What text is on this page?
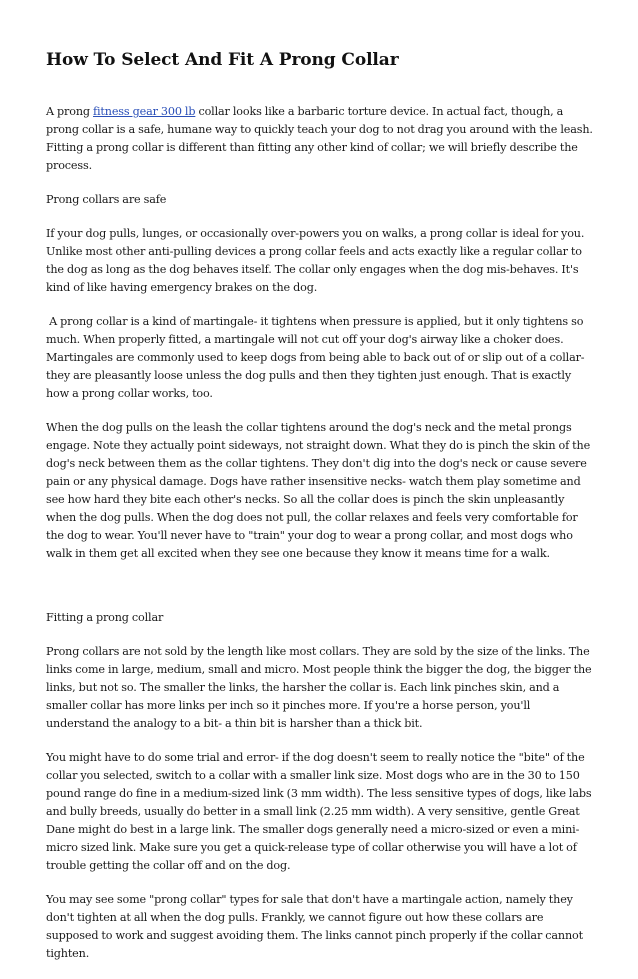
How To Select And Fit A Prong Collar

A prong fitness gear 300 lb collar looks like a barbaric torture device. In actual fact, though, a prong collar is a safe, humane way to quickly teach your dog to not drag you around with the leash. Fitting a prong collar is different than fitting any other kind of collar; we will briefly describe the process.

Prong collars are safe

If your dog pulls, lunges, or occasionally over-powers you on walks, a prong collar is ideal for you. Unlike most other anti-pulling devices a prong collar feels and acts exactly like a regular collar to the dog as long as the dog behaves itself. The collar only engages when the dog mis-behaves. It's kind of like having emergency brakes on the dog.

A prong collar is a kind of martingale- it tightens when pressure is applied, but it only tightens so much. When properly fitted, a martingale will not cut off your dog's airway like a choker does. Martingales are commonly used to keep dogs from being able to back out of or slip out of a collar- they are pleasantly loose unless the dog pulls and then they tighten just enough. That is exactly how a prong collar works, too.

When the dog pulls on the leash the collar tightens around the dog's neck and the metal prongs engage. Note they actually point sideways, not straight down. What they do is pinch the skin of the dog's neck between them as the collar tightens. They don't dig into the dog's neck or cause severe pain or any physical damage. Dogs have rather insensitive necks- watch them play sometime and see how hard they bite each other's necks. So all the collar does is pinch the skin unpleasantly when the dog pulls. When the dog does not pull, the collar relaxes and feels very comfortable for the dog to wear. You'll never have to "train" your dog to wear a prong collar, and most dogs who walk in them get all excited when they see one because they know it means time for a walk.

Fitting a prong collar

Prong collars are not sold by the length like most collars. They are sold by the size of the links. The links come in large, medium, small and micro. Most people think the bigger the dog, the bigger the links, but not so. The smaller the links, the harsher the collar is. Each link pinches skin, and a smaller collar has more links per inch so it pinches more. If you're a horse person, you'll understand the analogy to a bit- a thin bit is harsher than a thick bit.

You might have to do some trial and error- if the dog doesn't seem to really notice the "bite" of the collar you selected, switch to a collar with a smaller link size. Most dogs who are in the 30 to 150 pound range do fine in a medium-sized link (3 mm width). The less sensitive types of dogs, like labs and bully breeds, usually do better in a small link (2.25 mm width). A very sensitive, gentle Great Dane might do best in a large link. The smaller dogs generally need a micro-sized or even a mini-micro sized link. Make sure you get a quick-release type of collar otherwise you will have a lot of trouble getting the collar off and on the dog.

You may see some "prong collar" types for sale that don't have a martingale action, namely they don't tighten at all when the dog pulls. Frankly, we cannot figure out how these collars are supposed to work and suggest avoiding them. The links cannot pinch properly if the collar cannot tighten.
